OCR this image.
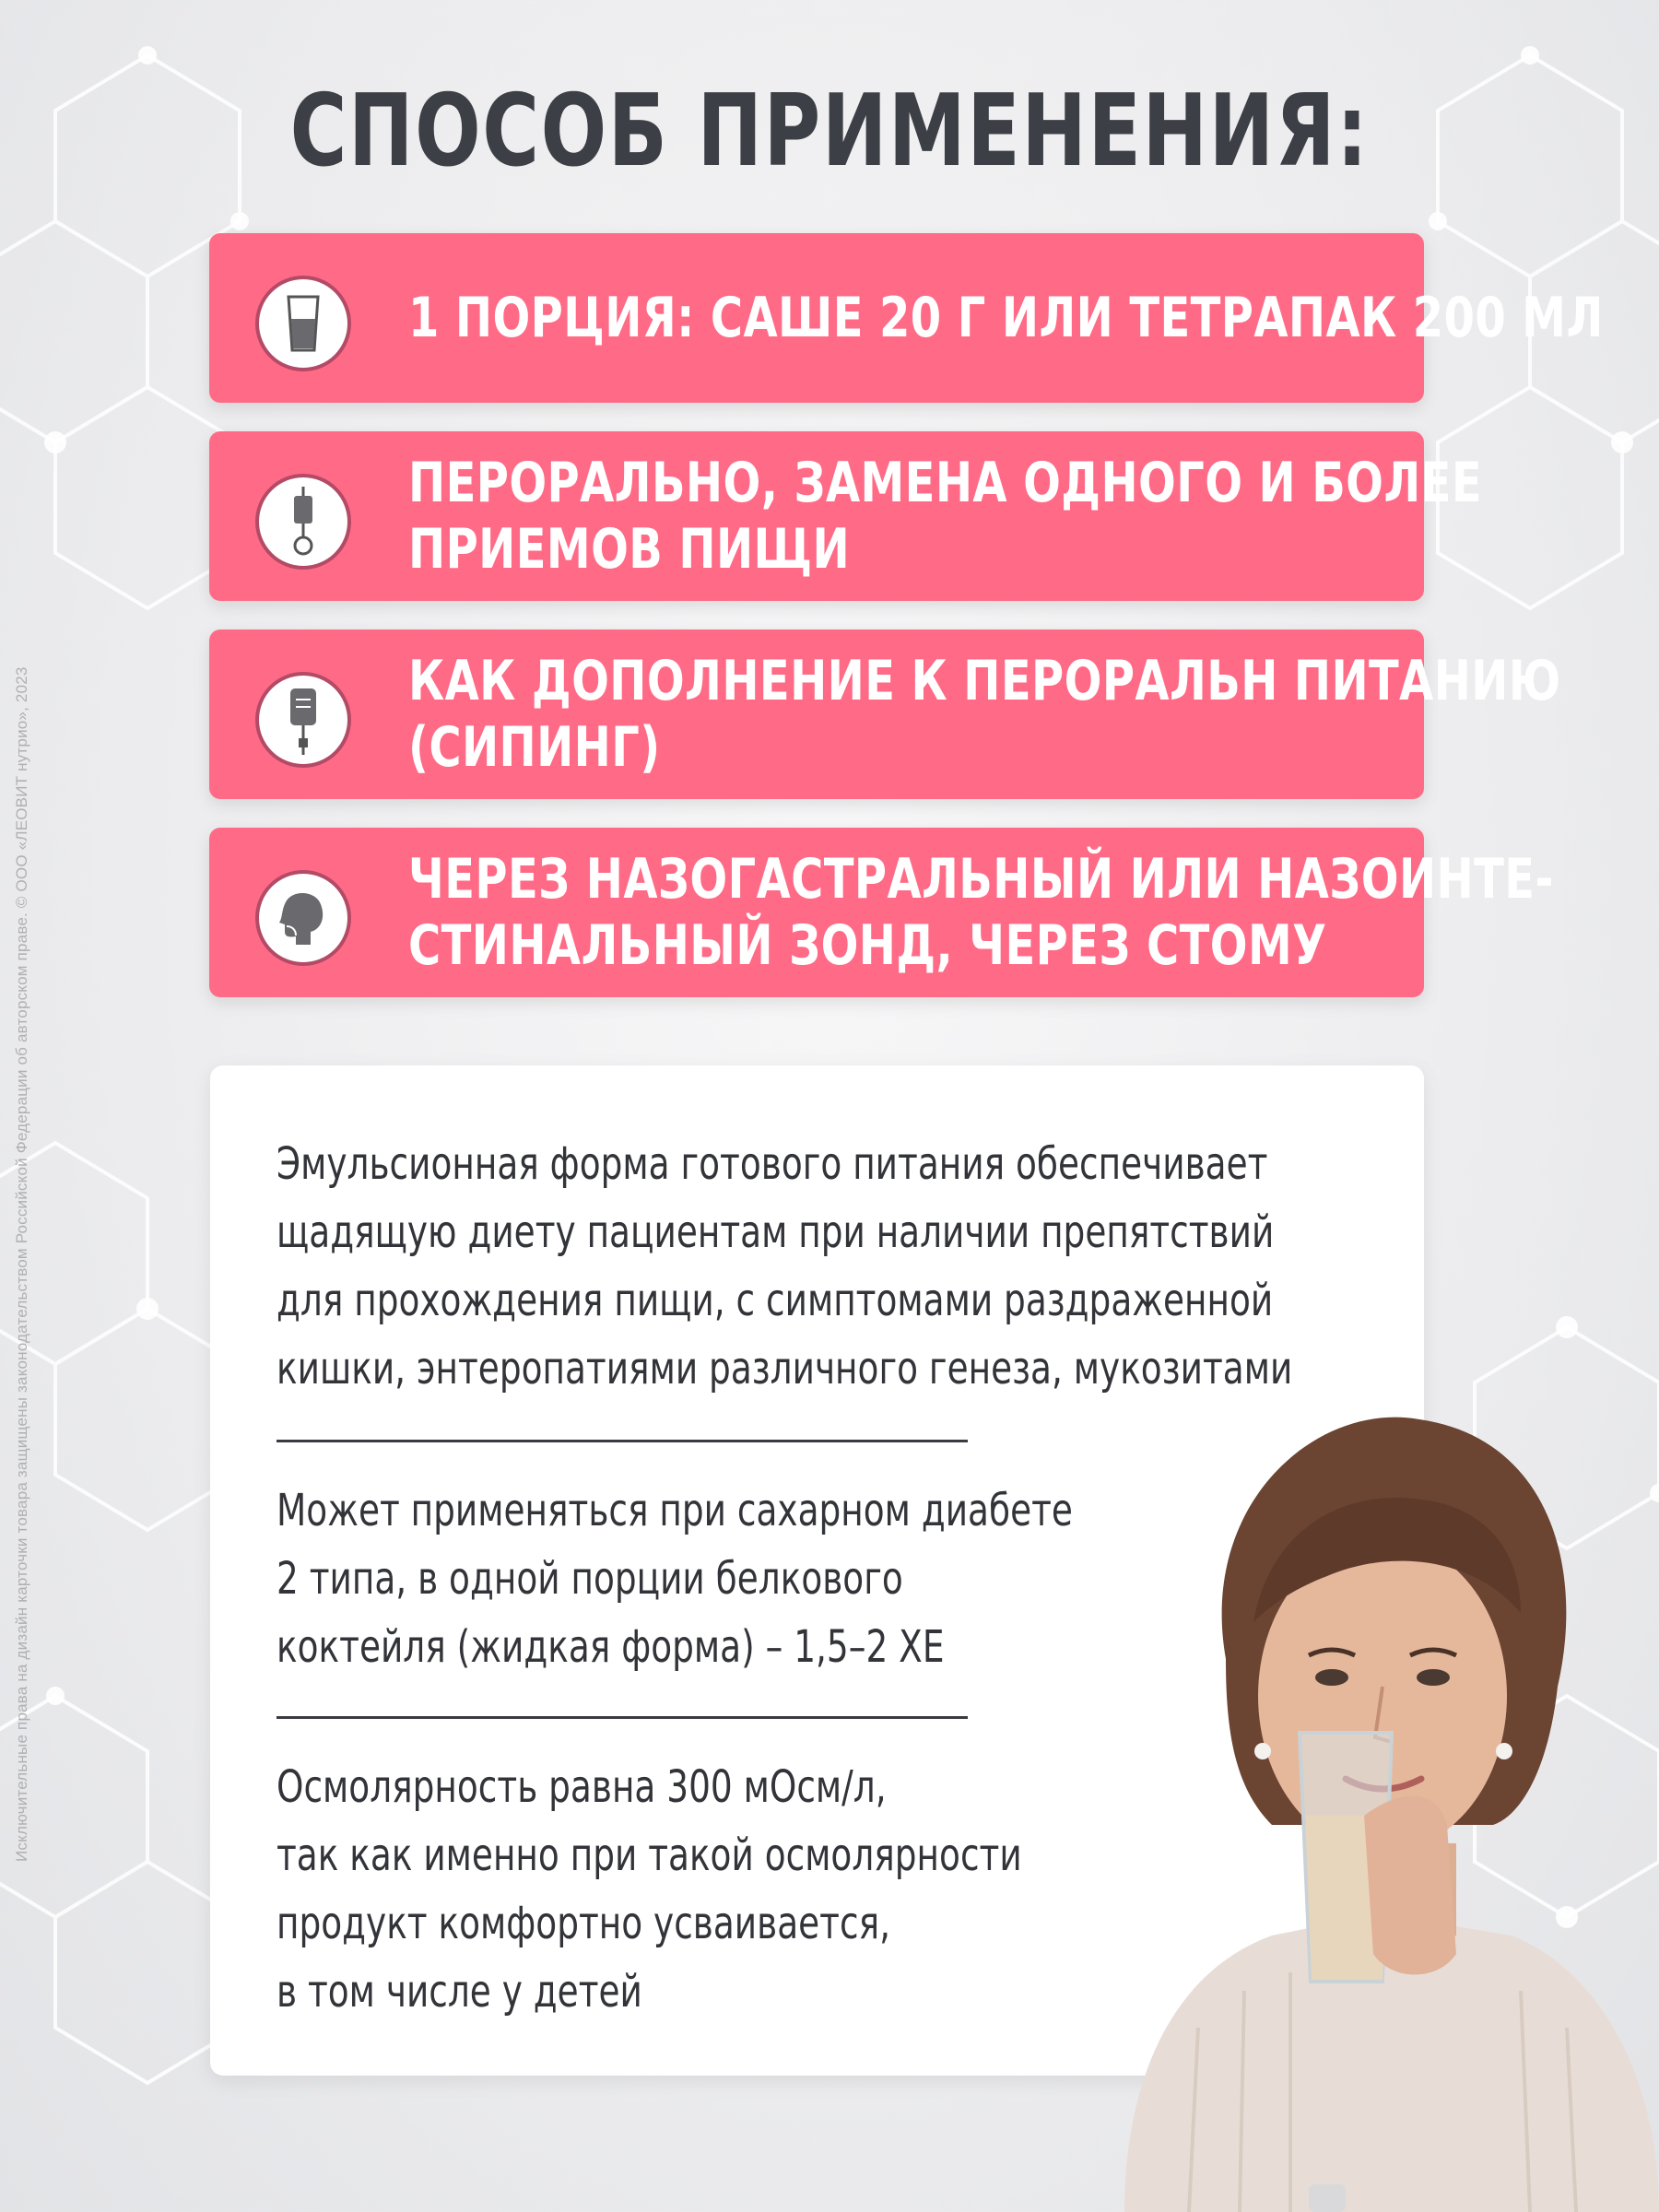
Исключительные права на дизайн карточки товара защищены законодательством Российской Федерации об авторском праве. © ООО «ЛЕОВИТ нутрио», 2023
СПОСОБ ПРИМЕНЕНИЯ:
1 ПОРЦИЯ: САШЕ 20 Г ИЛИ ТЕТРАПАК 200 МЛ
ПЕРОРАЛЬНО, ЗАМЕНА ОДНОГО И БОЛЕЕ
ПРИЕМОВ ПИЩИ
КАК ДОПОЛНЕНИЕ К ПЕРОРАЛЬН ПИТАНИЮ
(СИПИНГ)
ЧЕРЕЗ НАЗОГАСТРАЛЬНЫЙ ИЛИ НАЗОИНТЕ-
СТИНАЛЬНЫЙ ЗОНД, ЧЕРЕЗ СТОМУ
Эмульсионная форма готового питания обеспечивает
щадящую диету пациентам при наличии препятствий
для прохождения пищи, с симптомами раздраженной
кишки, энтеропатиями различного генеза, мукозитами
Может применяться при сахарном диабете
2 типа, в одной порции белкового
коктейля (жидкая форма) – 1,5–2 ХЕ
Осмолярность равна 300 мОсм/л,
так как именно при такой осмолярности
продукт комфортно усваивается,
в том числе у детей
